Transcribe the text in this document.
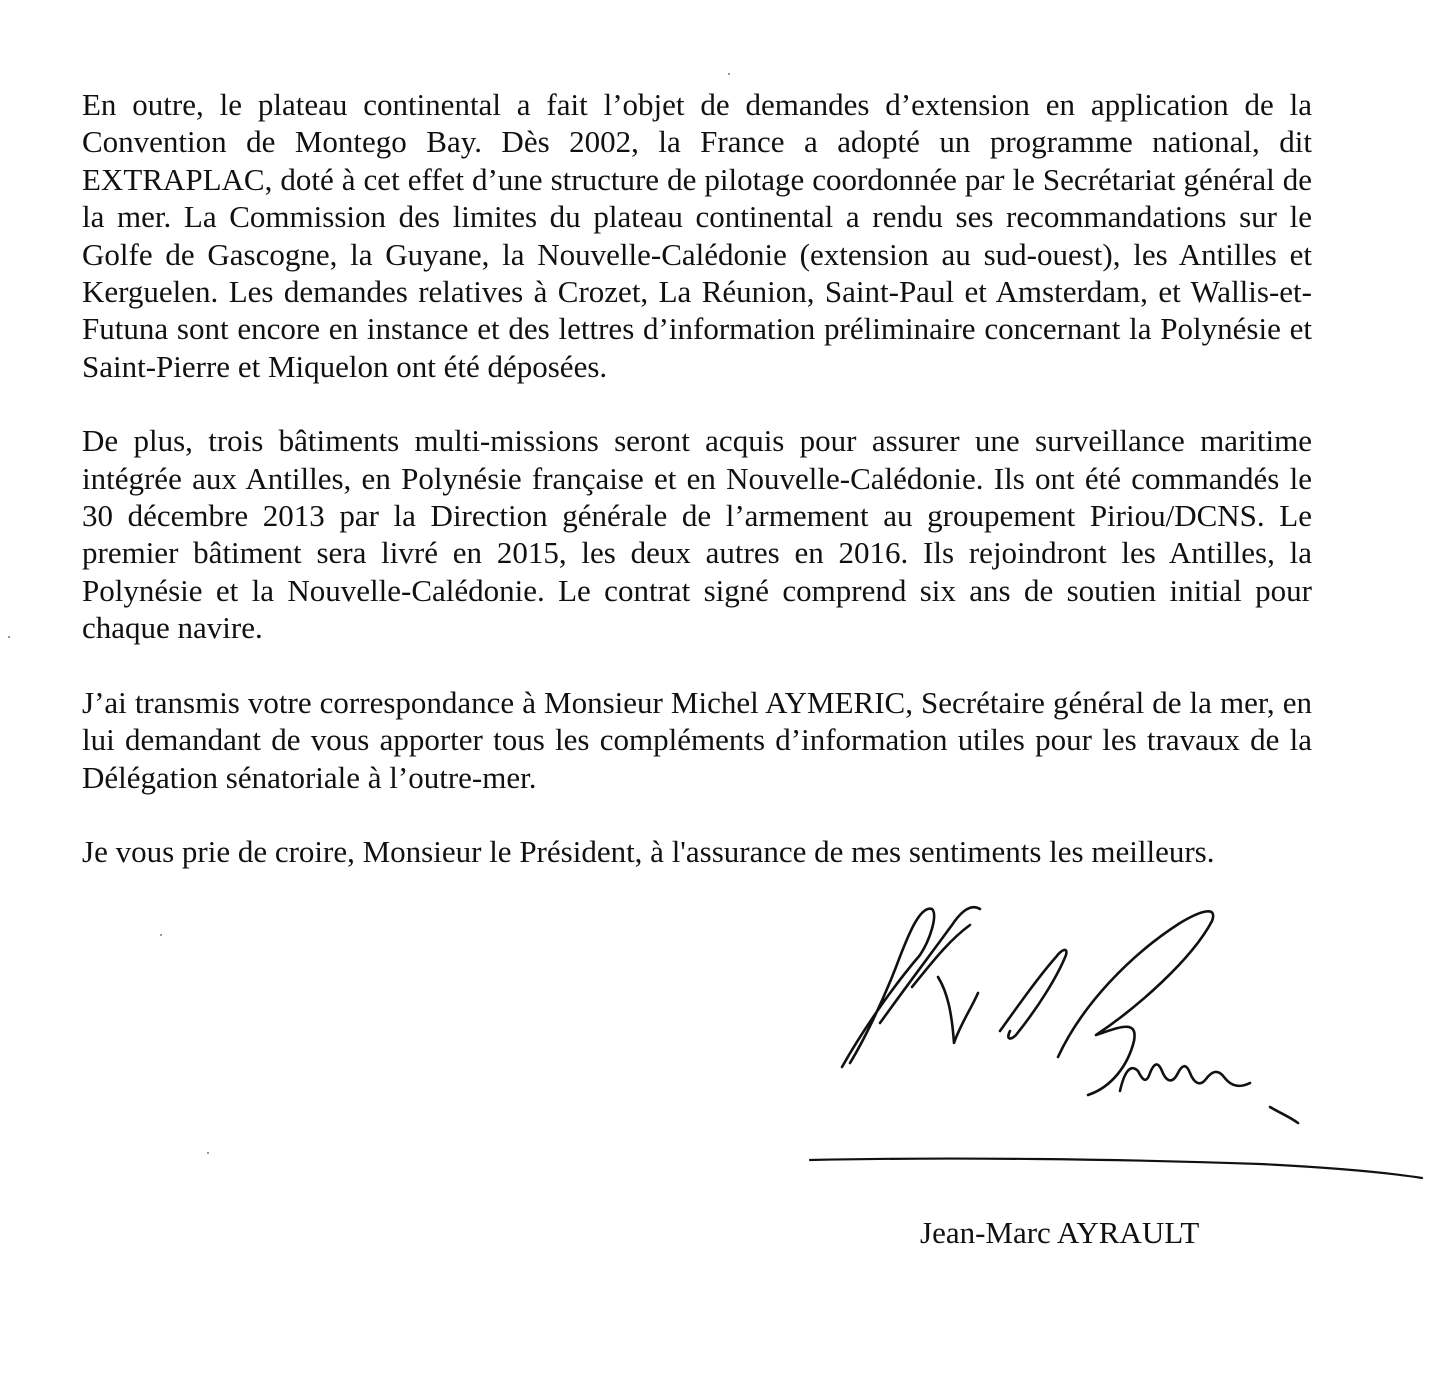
En outre, le plateau continental a fait l’objet de demandes d’extension en application de la Convention de Montego Bay. Dès 2002, la France a adopté un programme national, dit EXTRAPLAC, doté à cet effet d’une structure de pilotage coordonnée par le Secrétariat général de la mer. La Commission des limites du plateau continental a rendu ses recommandations sur le Golfe de Gascogne, la Guyane, la Nouvelle-Calédonie (extension au sud-ouest), les Antilles et Kerguelen. Les demandes relatives à Crozet, La Réunion, Saint-Paul et Amsterdam, et Wallis-et-Futuna sont encore en instance et des lettres d’information préliminaire concernant la Polynésie et Saint-Pierre et Miquelon ont été déposées.

De plus, trois bâtiments multi-missions seront acquis pour assurer une surveillance maritime intégrée aux Antilles, en Polynésie française et en Nouvelle-Calédonie. Ils ont été commandés le 30 décembre 2013 par la Direction générale de l’armement au groupement Piriou/DCNS. Le premier bâtiment sera livré en 2015, les deux autres en 2016. Ils rejoindront les Antilles, la Polynésie et la Nouvelle-Calédonie. Le contrat signé comprend six ans de soutien initial pour chaque navire.

J’ai transmis votre correspondance à Monsieur Michel AYMERIC, Secrétaire général de la mer, en lui demandant de vous apporter tous les compléments d’information utiles pour les travaux de la Délégation sénatoriale à l’outre-mer.

Je vous prie de croire, Monsieur le Président, à l'assurance de mes sentiments les meilleurs.

Jean-Marc AYRAULT
